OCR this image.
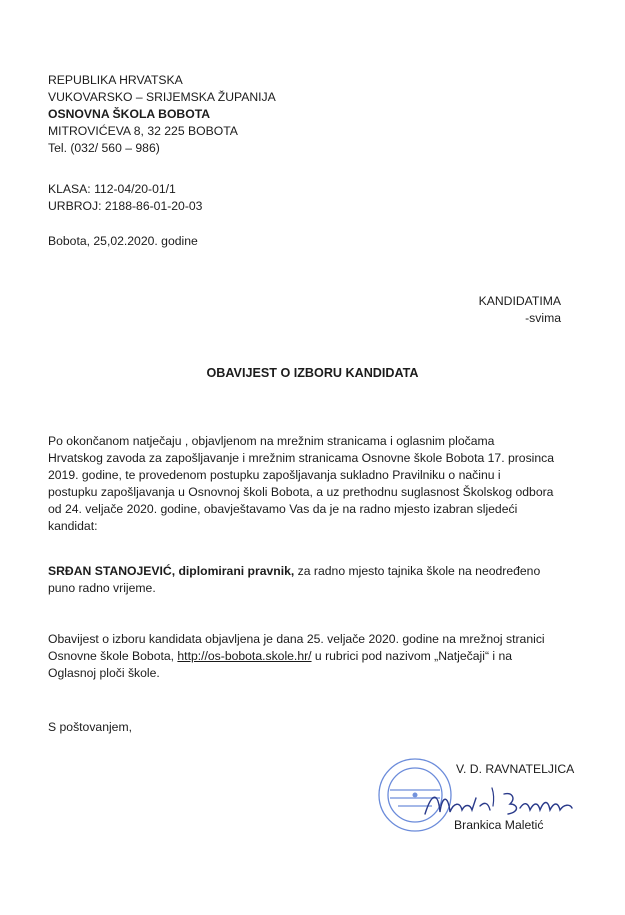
REPUBLIKA HRVATSKA
VUKOVARSKO – SRIJEMSKA ŽUPANIJA
OSNOVNA ŠKOLA BOBOTA
MITROVIĆEVA 8, 32 225 BOBOTA
Tel. (032/ 560 – 986)
KLASA: 112-04/20-01/1
URBROJ: 2188-86-01-20-03
Bobota, 25,02.2020. godine
KANDIDATIMA
-svima
OBAVIJEST O IZBORU KANDIDATA
Po okončanom natječaju , objavljenom na mrežnim stranicama i oglasnim pločama
Hrvatskog zavoda za zapošljavanje i mrežnim stranicama Osnovne škole Bobota 17. prosinca
2019. godine, te provedenom postupku zapošljavanja sukladno Pravilniku o načinu i
postupku zapošljavanja u Osnovnoj školi Bobota, a uz prethodnu suglasnost Školskog odbora
od 24. veljače 2020. godine, obavještavamo Vas da je na radno mjesto izabran sljedeći
kandidat:
SRĐAN STANOJEVIĆ, diplomirani pravnik, za radno mjesto tajnika škole na neodređeno
puno radno vrijeme.
Obavijest o izboru kandidata objavljena je dana 25. veljače 2020. godine na mrežnoj stranici
Osnovne škole Bobota, http://os-bobota.skole.hr/ u rubrici pod nazivom „Natječaji“ i na
Oglasnoj ploči škole.
S poštovanjem,
V. D. RAVNATELJICA
Brankica Maletić
